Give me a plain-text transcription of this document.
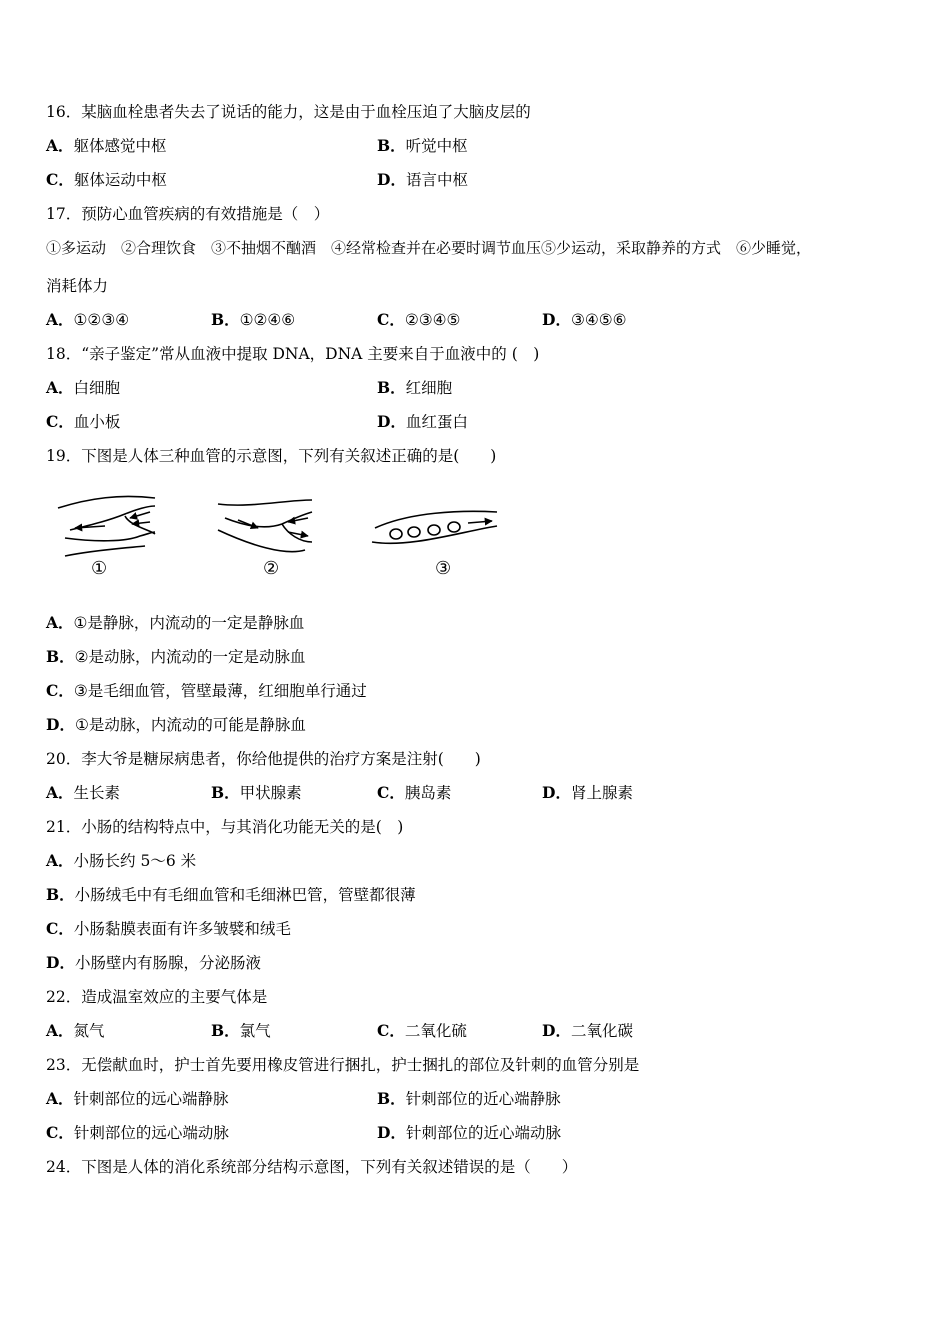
16．某脑血栓患者失去了说话的能力，这是由于血栓压迫了大脑皮层的
A．躯体感觉中枢	B．听觉中枢
C．躯体运动中枢	D．语言中枢
17．预防心血管疾病的有效措施是（　）
①多运动　②合理饮食　③不抽烟不酗酒　④经常检查并在必要时调节血压⑤少运动，采取静养的方式　⑥少睡觉，
消耗体力
A．①②③④	B．①②④⑥	C．②③④⑤	D．③④⑤⑥
18．“亲子鉴定”常从血液中提取 DNA，DNA 主要来自于血液中的 (　)
A．白细胞	B．红细胞
C．血小板	D．血红蛋白
19．下图是人体三种血管的示意图，下列有关叙述正确的是(　　)
①	②	③
A．①是静脉，内流动的一定是静脉血
B．②是动脉，内流动的一定是动脉血
C．③是毛细血管，管壁最薄，红细胞单行通过
D．①是动脉，内流动的可能是静脉血
20．李大爷是糖尿病患者，你给他提供的治疗方案是注射(　　)
A．生长素	B．甲状腺素	C．胰岛素	D．肾上腺素
21．小肠的结构特点中，与其消化功能无关的是(　)
A．小肠长约 5～6 米
B．小肠绒毛中有毛细血管和毛细淋巴管，管壁都很薄
C．小肠黏膜表面有许多皱襞和绒毛
D．小肠壁内有肠腺，分泌肠液
22．造成温室效应的主要气体是
A．氮气	B．氯气	C．二氧化硫	D．二氧化碳
23．无偿献血时，护士首先要用橡皮管进行捆扎，护士捆扎的部位及针刺的血管分别是
A．针刺部位的远心端静脉	B．针刺部位的近心端静脉
C．针刺部位的远心端动脉	D．针刺部位的近心端动脉
24．下图是人体的消化系统部分结构示意图，下列有关叙述错误的是（　　）
